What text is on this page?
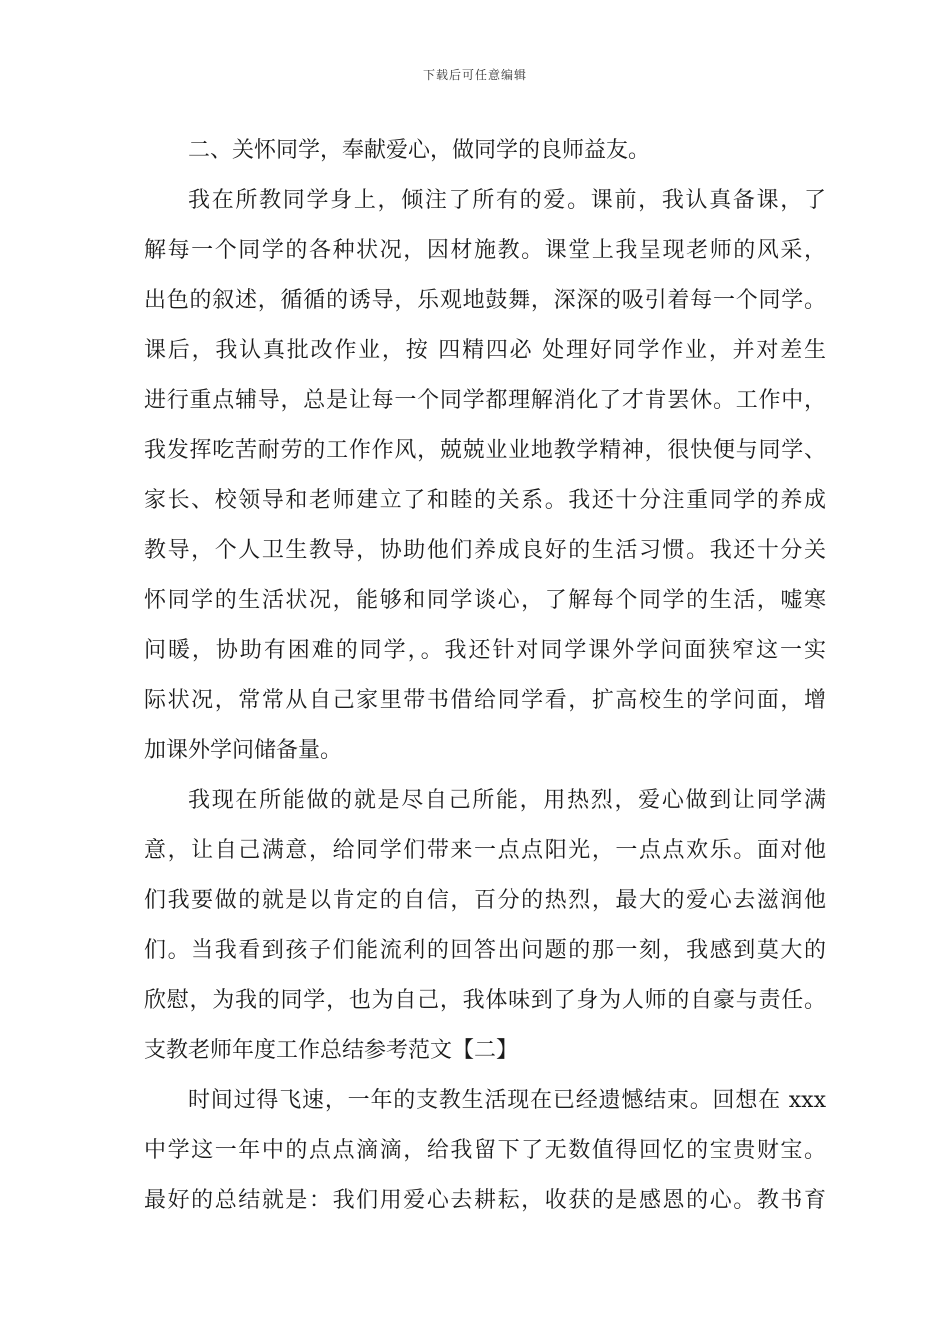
下载后可任意编辑
二、关怀同学，奉献爱心，做同学的良师益友。
我在所教同学身上，倾注了所有的爱。课前，我认真备课，了
解每一个同学的各种状况，因材施教。课堂上我呈现老师的风采，
出色的叙述，循循的诱导，乐观地鼓舞，深深的吸引着每一个同学。
课后，我认真批改作业，按 四精四必 处理好同学作业，并对差生
进行重点辅导，总是让每一个同学都理解消化了才肯罢休。工作中，
我发挥吃苦耐劳的工作作风，兢兢业业地教学精神，很快便与同学、
家长、校领导和老师建立了和睦的关系。我还十分注重同学的养成
教导，个人卫生教导，协助他们养成良好的生活习惯。我还十分关
怀同学的生活状况，能够和同学谈心，了解每个同学的生活，嘘寒
问暖，协助有困难的同学，。我还针对同学课外学问面狭窄这一实
际状况，常常从自己家里带书借给同学看，扩高校生的学问面，增
加课外学问储备量。
我现在所能做的就是尽自己所能，用热烈，爱心做到让同学满
意，让自己满意，给同学们带来一点点阳光，一点点欢乐。面对他
们我要做的就是以肯定的自信，百分的热烈，最大的爱心去滋润他
们。当我看到孩子们能流利的回答出问题的那一刻，我感到莫大的
欣慰，为我的同学，也为自己，我体味到了身为人师的自豪与责任。
支教老师年度工作总结参考范文【二】
时间过得飞速，一年的支教生活现在已经遗憾结束。回想在 xxx
中学这一年中的点点滴滴，给我留下了无数值得回忆的宝贵财宝。
最好的总结就是：我们用爱心去耕耘，收获的是感恩的心。教书育
